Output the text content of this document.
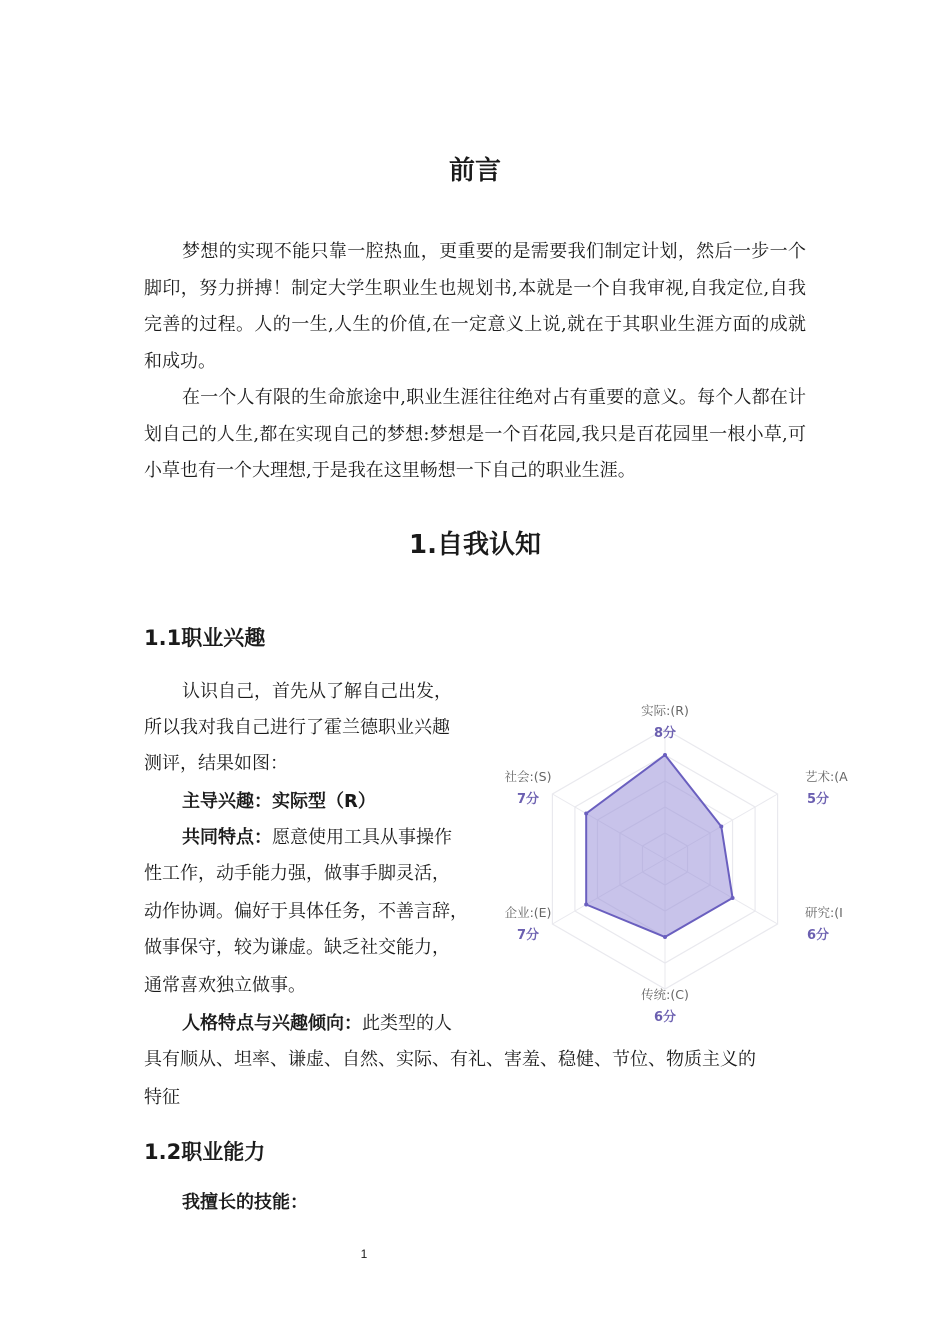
前言

梦想的实现不能只靠一腔热血，更重要的是需要我们制定计划，然后一步一个脚印，努力拼搏！制定大学生职业生也规划书,本就是一个自我审视,自我定位,自我完善的过程。人的一生,人生的价值,在一定意义上说,就在于其职业生涯方面的成就和成功。

在一个人有限的生命旅途中,职业生涯往往绝对占有重要的意义。每个人都在计划自己的人生,都在实现自己的梦想:梦想是一个百花园,我只是百花园里一根小草,可小草也有一个大理想,于是我在这里畅想一下自己的职业生涯。

1.自我认知
1.1职业兴趣
认识自己，首先从了解自己出发，
所以我对我自己进行了霍兰德职业兴趣
测评，结果如图：
主导兴趣：实际型（R）
共同特点：愿意使用工具从事操作
性工作，动手能力强，做事手脚灵活，
动作协调。偏好于具体任务，不善言辞，
做事保守，较为谦虚。缺乏社交能力，
通常喜欢独立做事。
人格特点与兴趣倾向：此类型的人
具有顺从、坦率、谦虚、自然、实际、有礼、害羞、稳健、节位、物质主义的
特征
实际:(R)
8分
艺术:(A
5分
研究:(I
6分
传统:(C)
6分
企业:(E)
7分
社会:(S)
7分
1.2职业能力
我擅长的技能：
1
